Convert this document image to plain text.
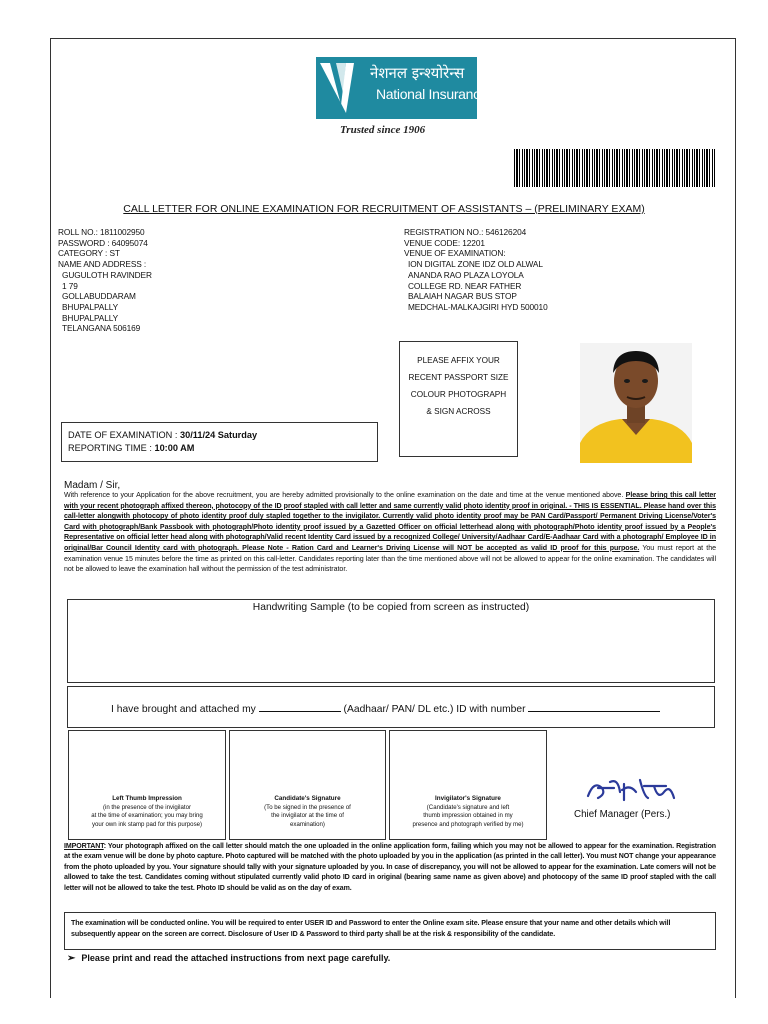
नेशनल इन्श्योरेन्स
National Insurance
Trusted since 1906
CALL LETTER FOR ONLINE EXAMINATION FOR RECRUITMENT OF ASSISTANTS – (PRELIMINARY EXAM)
ROLL NO.: 1811002950
PASSWORD : 64095074
CATEGORY : ST
NAME AND ADDRESS :
GUGULOTH RAVINDER
1 79
GOLLABUDDARAM
BHUPALPALLY
BHUPALPALLY
TELANGANA 506169
REGISTRATION NO.: 546126204
VENUE CODE: 12201
VENUE OF EXAMINATION:
ION DIGITAL ZONE IDZ OLD ALWAL
ANANDA RAO PLAZA LOYOLA
COLLEGE RD. NEAR FATHER
BALAIAH NAGAR BUS STOP
MEDCHAL-MALKAJGIRI HYD 500010
PLEASE AFFIX YOUR
RECENT PASSPORT SIZE
COLOUR PHOTOGRAPH
& SIGN ACROSS
DATE OF EXAMINATION : 30/11/24 Saturday
REPORTING TIME : 10:00 AM
Madam / Sir,
With reference to your Application for the above recruitment, you are hereby admitted provisionally to the online examination on the date and time at the venue mentioned above. Please bring this call letter with your recent photograph affixed thereon, photocopy of the ID proof stapled with call letter and same currently valid photo identity proof in original. - THIS IS ESSENTIAL. Please hand over this call-letter alongwith photocopy of photo identity proof duly stapled together to the invigilator. Currently valid photo identity proof may be PAN Card/Passport/ Permanent Driving License/Voter's Card with photograph/Bank Passbook with photograph/Photo identity proof issued by a Gazetted Officer on official letterhead along with photograph/Photo identity proof issued by a People's Representative on official letter head along with photograph/Valid recent Identity Card issued by a recognized College/ University/Aadhaar Card/E-Aadhaar Card with a photograph/ Employee ID in original/Bar Council Identity card with photograph. Please Note - Ration Card and Learner's Driving License will NOT be accepted as valid ID proof for this purpose. You must report at the examination venue 15 minutes before the time as printed on this call-letter. Candidates reporting later than the time mentioned above will not be allowed to appear for the online examination. The candidates will not be allowed to leave the examination hall without the permission of the test administrator.
Handwriting Sample (to be copied from screen as instructed)
I have brought and attached my	(Aadhaar/ PAN/ DL etc.) ID with number
Left Thumb Impression
(in the presence of the invigilator
at the time of examination; you may bring
your own ink stamp pad for this purpose)
Candidate's Signature
(To be signed in the presence of
the invigilator at the time of
examination)
Invigilator's Signature
(Candidate's signature and left
thumb impression obtained in my
presence and photograph verified by me)
Chief Manager (Pers.)
IMPORTANT: Your photograph affixed on the call letter should match the one uploaded in the online application form, failing which you may not be allowed to appear for the examination. Registration at the exam venue will be done by photo capture. Photo captured will be matched with the photo uploaded by you in the application (as printed in the call letter). You must NOT change your appearance from the photo uploaded by you. Your signature should tally with your signature uploaded by you. In case of discrepancy, you will not be allowed to appear for the examination. Late comers will not be allowed to take the test. Candidates coming without stipulated currently valid photo ID card in original (bearing same name as given above) and photocopy of the same ID proof stapled with the call letter will not be allowed to take the test. Photo ID should be valid as on the day of exam.
The examination will be conducted online. You will be required to enter USER ID and Password to enter the Online exam site. Please ensure that your name and other details which will subsequently appear on the screen are correct. Disclosure of User ID & Password to third party shall be at the risk & responsibility of the candidate.
➢ Please print and read the attached instructions from next page carefully.
